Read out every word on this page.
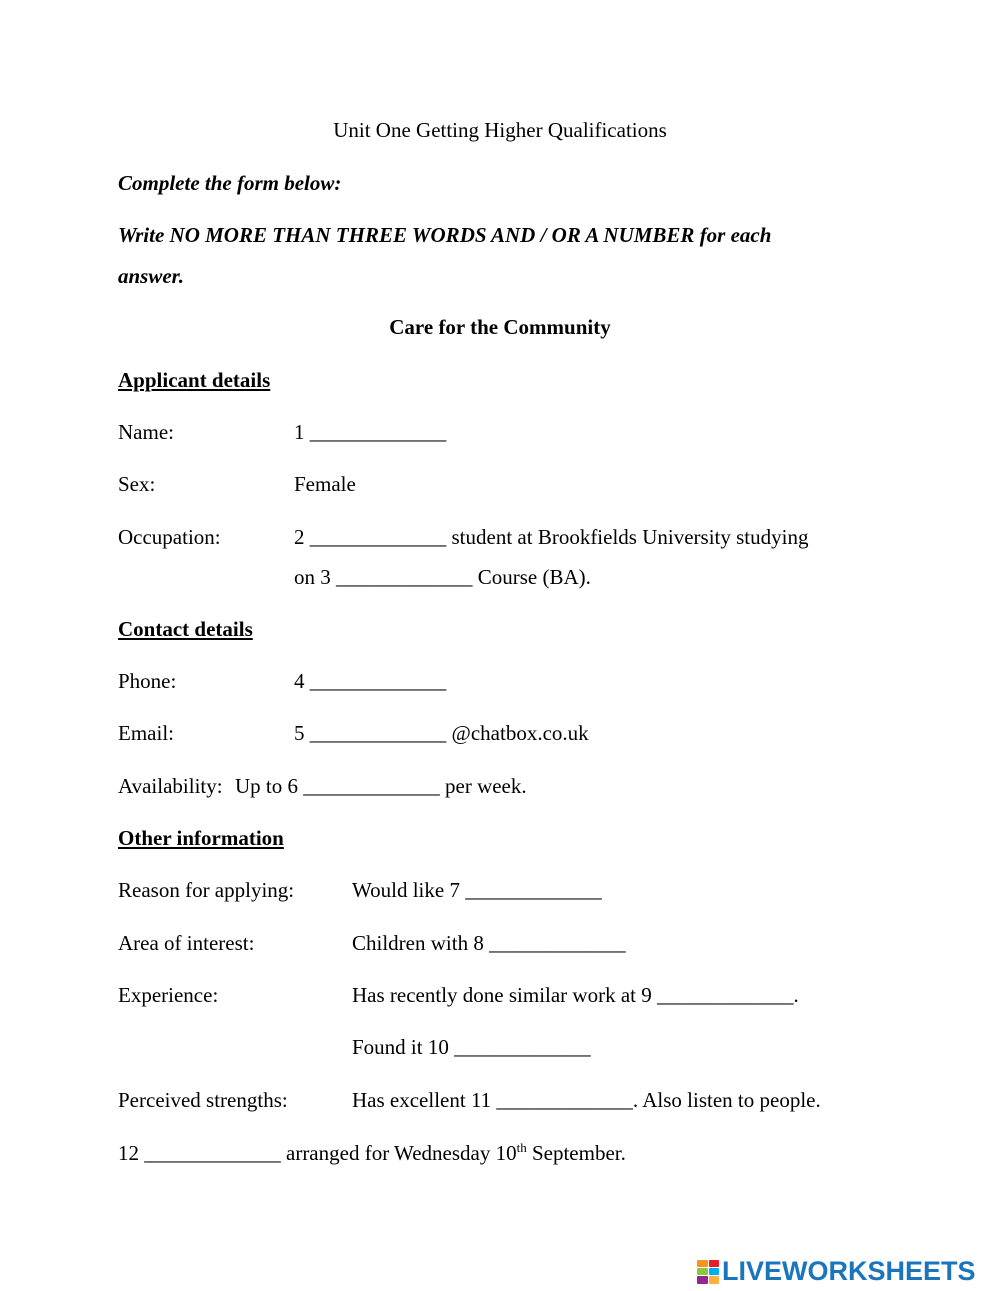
Unit One Getting Higher Qualifications
Complete the form below:
Write NO MORE THAN THREE WORDS AND / OR A NUMBER for each
answer.
Care for the Community
Applicant details
Name:	1 _____________
Sex:	Female
Occupation:	2 _____________ student at Brookfields University studying
on 3 _____________ Course (BA).
Contact details
Phone:	4 _____________
Email:	5 _____________ @chatbox.co.uk
Availability: Up to 6 _____________ per week.
Other information
Reason for applying:	Would like 7 _____________
Area of interest:	Children with 8 _____________
Experience:	Has recently done similar work at 9 _____________.
Found it 10 _____________
Perceived strengths:	Has excellent 11 _____________. Also listen to people.
12 _____________ arranged for Wednesday 10th September.
LIVEWORKSHEETS
